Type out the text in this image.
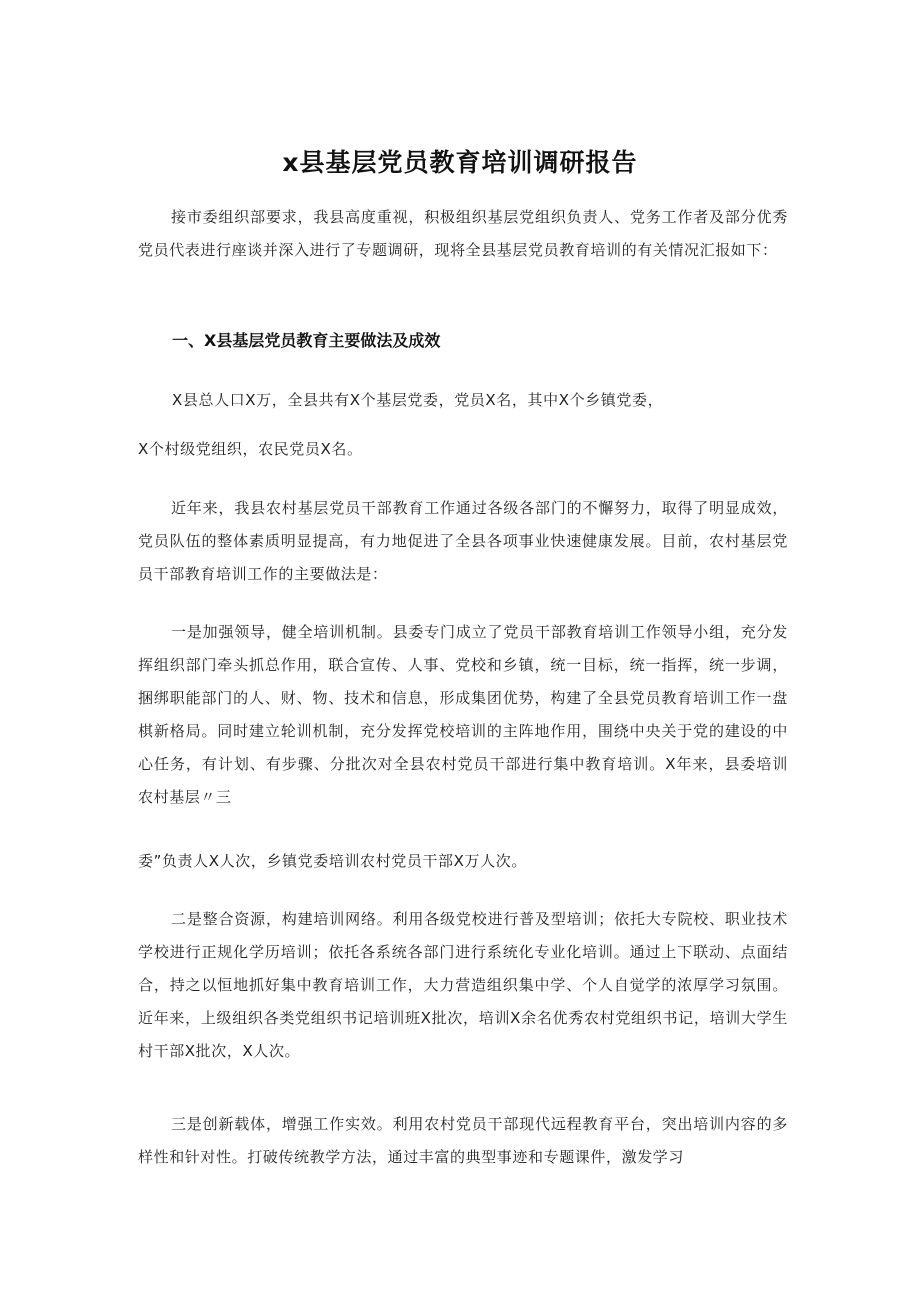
x县基层党员教育培训调研报告
接市委组织部要求，我县高度重视，积极组织基层党组织负责人、党务工作者及部分优秀党员代表进行座谈并深入进行了专题调研，现将全县基层党员教育培训的有关情况汇报如下：
一、X县基层党员教育主要做法及成效
X县总人口X万，全县共有X个基层党委，党员X名，其中X个乡镇党委，
X个村级党组织，农民党员X名。
近年来，我县农村基层党员干部教育工作通过各级各部门的不懈努力，取得了明显成效，党员队伍的整体素质明显提高，有力地促进了全县各项事业快速健康发展。目前，农村基层党员干部教育培训工作的主要做法是：
一是加强领导，健全培训机制。县委专门成立了党员干部教育培训工作领导小组，充分发挥组织部门牵头抓总作用，联合宣传、人事、党校和乡镇，统一目标，统一指挥，统一步调，捆绑职能部门的人、财、物、技术和信息，形成集团优势，构建了全县党员教育培训工作一盘棋新格局。同时建立轮训机制，充分发挥党校培训的主阵地作用，围绕中央关于党的建设的中心任务，有计划、有步骤、分批次对全县农村党员干部进行集中教育培训。X年来，县委培训农村基层〃三
委”负责人X人次，乡镇党委培训农村党员干部X万人次。
二是整合资源，构建培训网络。利用各级党校进行普及型培训；依托大专院校、职业技术学校进行正规化学历培训；依托各系统各部门进行系统化专业化培训。通过上下联动、点面结合，持之以恒地抓好集中教育培训工作，大力营造组织集中学、个人自觉学的浓厚学习氛围。近年来，上级组织各类党组织书记培训班X批次，培训X余名优秀农村党组织书记，培训大学生村干部X批次，X人次。
三是创新载体，增强工作实效。利用农村党员干部现代远程教育平台，突出培训内容的多样性和针对性。打破传统教学方法，通过丰富的典型事迹和专题课件，激发学习
